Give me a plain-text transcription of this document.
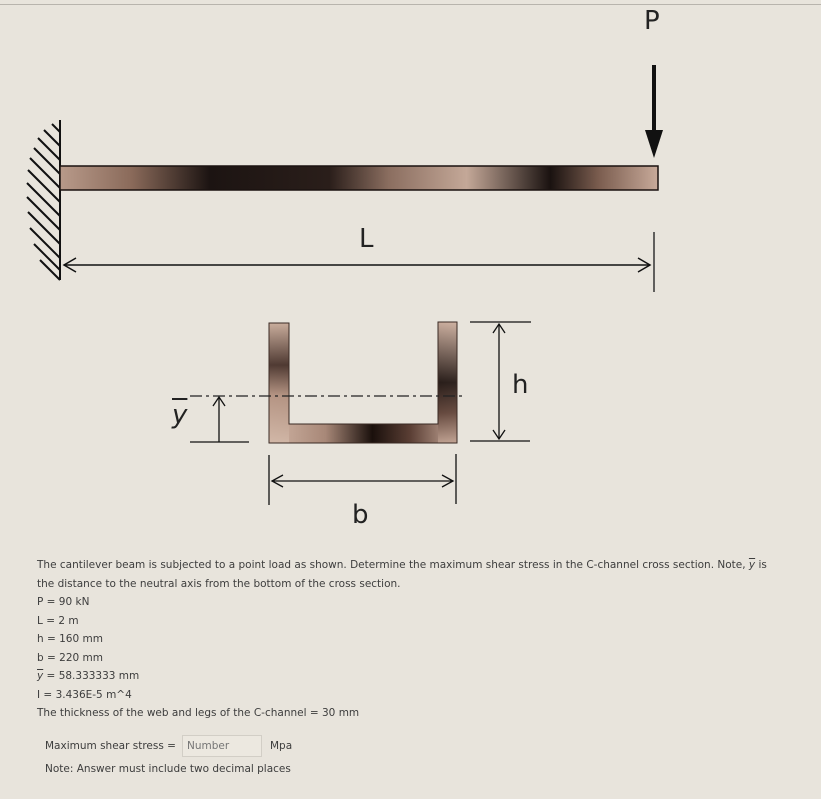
P
L
h
b
$\overline{y}$
The cantilever beam is subjected to a point load as shown. Determine the maximum shear stress in the C-channel cross section. Note, $\overline{y}$ is
the distance to the neutral axis from the bottom of the cross section.
P = 90 kN
L = 2 m
h = 160 mm
b = 220 mm
$\overline{y} = 58.333333$ mm
I = 3.436E-5 m^4
The thickness of the web and legs of the C-channel = 30 mm
Maximum shear stress =
Number	Mpa
Note: Answer must include two decimal places
